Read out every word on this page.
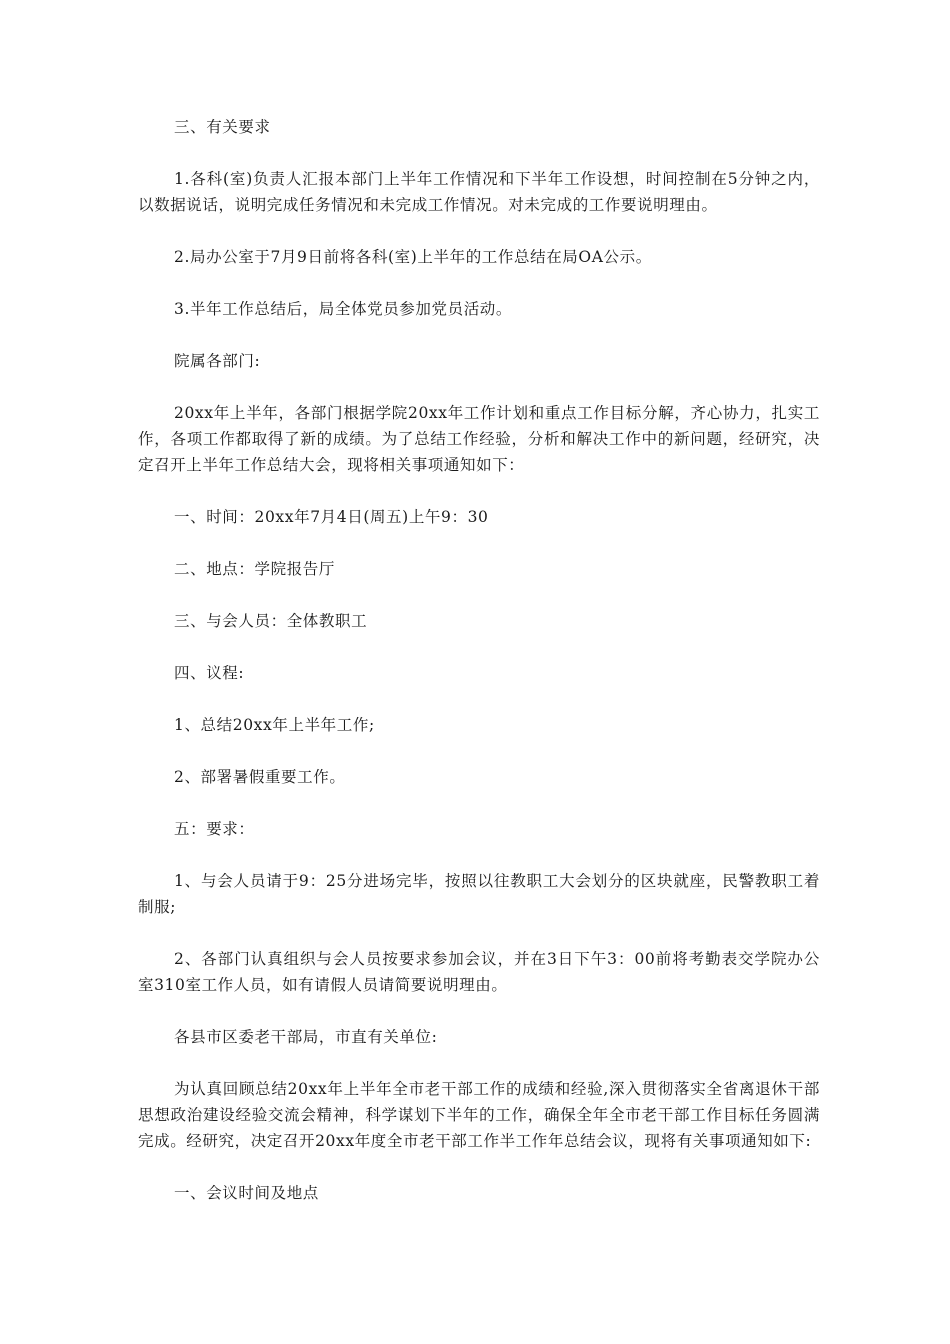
三、有关要求

1.各科(室)负责人汇报本部门上半年工作情况和下半年工作设想，时间控制在5分钟之内，以数据说话，说明完成任务情况和未完成工作情况。对未完成的工作要说明理由。

2.局办公室于7月9日前将各科(室)上半年的工作总结在局OA公示。

3.半年工作总结后，局全体党员参加党员活动。

院属各部门:

20xx年上半年，各部门根据学院20xx年工作计划和重点工作目标分解，齐心协力，扎实工作，各项工作都取得了新的成绩。为了总结工作经验，分析和解决工作中的新问题，经研究，决定召开上半年工作总结大会，现将相关事项通知如下：

一、时间：20xx年7月4日(周五)上午9：30

二、地点：学院报告厅

三、与会人员：全体教职工

四、议程:

1、总结20xx年上半年工作;

2、部署暑假重要工作。

五：要求：

1、与会人员请于9：25分进场完毕，按照以往教职工大会划分的区块就座，民警教职工着制服;

2、各部门认真组织与会人员按要求参加会议，并在3日下午3：00前将考勤表交学院办公室310室工作人员，如有请假人员请简要说明理由。

各县市区委老干部局，市直有关单位:

为认真回顾总结20xx年上半年全市老干部工作的成绩和经验,深入贯彻落实全省离退休干部思想政治建设经验交流会精神，科学谋划下半年的工作，确保全年全市老干部工作目标任务圆满完成。经研究，决定召开20xx年度全市老干部工作半工作年总结会议，现将有关事项通知如下:

一、会议时间及地点
